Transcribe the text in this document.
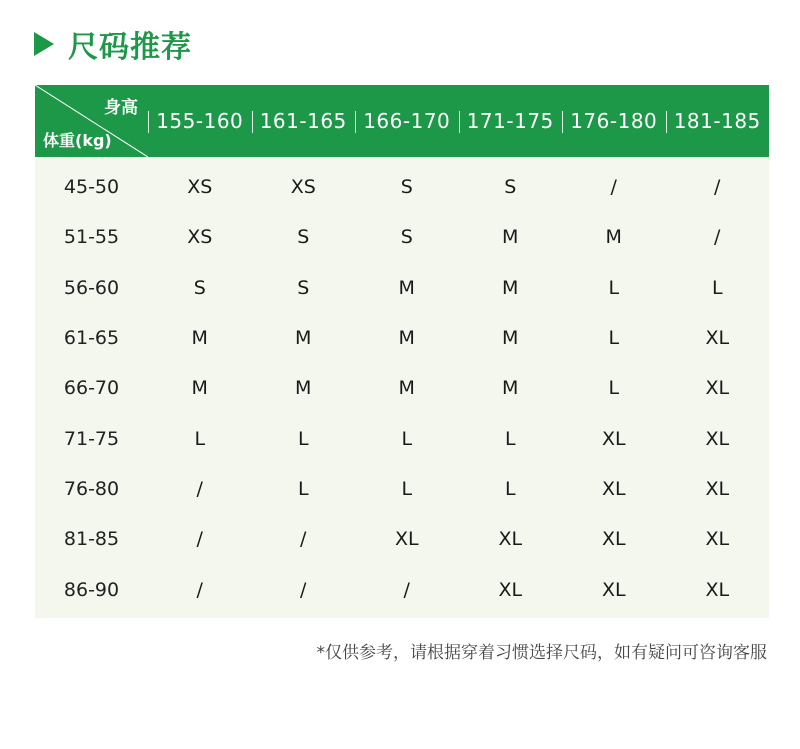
尺码推荐
身高
体重(kg)
155-160 161-165 166-170 171-175 176-180 181-185
45-50	XS	XS	S	S	/	/
51-55	XS	S	S	M	M	/
56-60	S	S	M	M	L	L
61-65	M	M	M	M	L	XL
66-70	M	M	M	M	L	XL
71-75	L	L	L	L	XL	XL
76-80	/	L	L	L	XL	XL
81-85	/	/	XL	XL	XL	XL
86-90	/	/	/	XL	XL	XL
*仅供参考，请根据穿着习惯选择尺码，如有疑问可咨询客服
